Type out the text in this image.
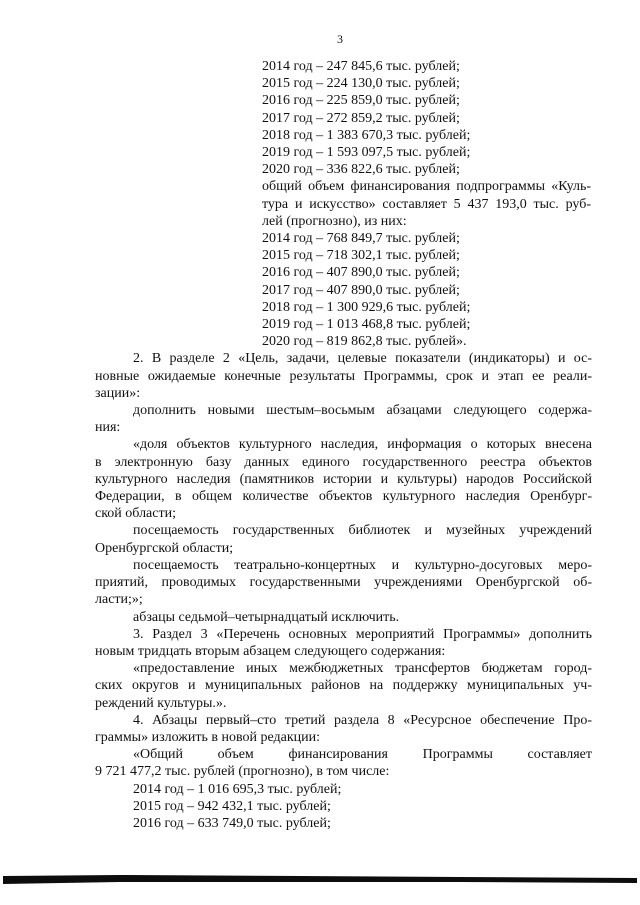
3
2014 год – 247 845,6 тыс. рублей;
2015 год – 224 130,0 тыс. рублей;
2016 год – 225 859,0 тыс. рублей;
2017 год – 272 859,2 тыс. рублей;
2018 год – 1 383 670,3 тыс. рублей;
2019 год – 1 593 097,5 тыс. рублей;
2020 год – 336 822,6 тыс. рублей;
общий объем финансирования подпрограммы «Куль-
тура и искусство» составляет 5 437 193,0 тыс. руб-
лей (прогнозно), из них:
2014 год – 768 849,7 тыс. рублей;
2015 год – 718 302,1 тыс. рублей;
2016 год – 407 890,0 тыс. рублей;
2017 год – 407 890,0 тыс. рублей;
2018 год – 1 300 929,6 тыс. рублей;
2019 год – 1 013 468,8 тыс. рублей;
2020 год – 819 862,8 тыс. рублей».
2. В разделе 2 «Цель, задачи, целевые показатели (индикаторы) и ос-
новные ожидаемые конечные результаты Программы, срок и этап ее реали-
зации»:
дополнить новыми шестым–восьмым абзацами следующего содержа-
ния:
«доля объектов культурного наследия, информация о которых внесена
в электронную базу данных единого государственного реестра объектов
культурного наследия (памятников истории и культуры) народов Российской
Федерации, в общем количестве объектов культурного наследия Оренбург-
ской области;
посещаемость государственных библиотек и музейных учреждений
Оренбургской области;
посещаемость театрально-концертных и культурно-досуговых меро-
приятий, проводимых государственными учреждениями Оренбургской об-
ласти;»;
абзацы седьмой–четырнадцатый исключить.
3. Раздел 3 «Перечень основных мероприятий Программы» дополнить
новым тридцать вторым абзацем следующего содержания:
«предоставление иных межбюджетных трансфертов бюджетам город-
ских округов и муниципальных районов на поддержку муниципальных уч-
реждений культуры.».
4. Абзацы первый–сто третий раздела 8 «Ресурсное обеспечение Про-
граммы» изложить в новой редакции:
«Общий объем финансирования Программы составляет
9 721 477,2 тыс. рублей (прогнозно), в том числе:
2014 год – 1 016 695,3 тыс. рублей;
2015 год – 942 432,1 тыс. рублей;
2016 год – 633 749,0 тыс. рублей;
